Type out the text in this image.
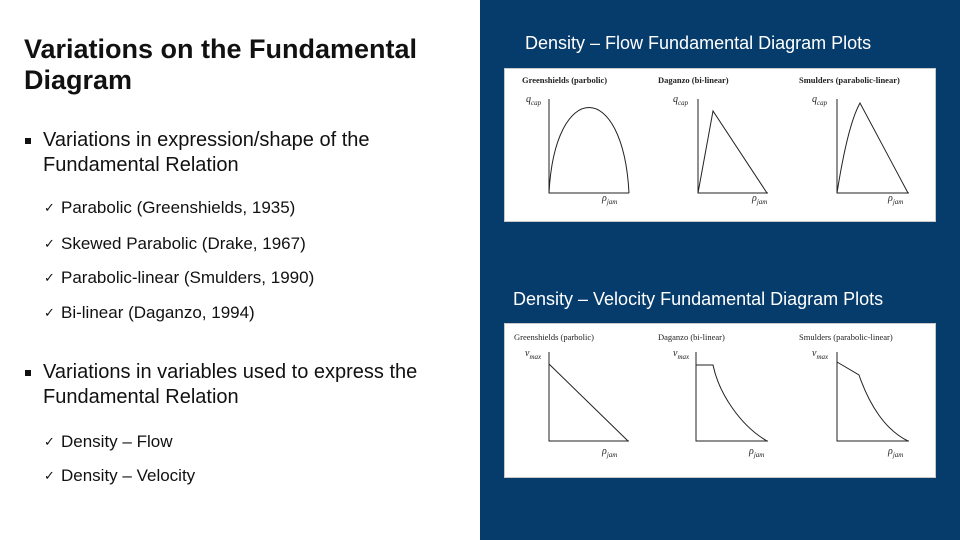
Variations on the Fundamental Diagram
Variations in expression/shape of the Fundamental Relation
✓ Parabolic (Greenshields, 1935)
✓ Skewed Parabolic (Drake, 1967)
✓ Parabolic-linear (Smulders, 1990)
✓ Bi-linear (Daganzo, 1994)
Variations in variables used to express the Fundamental Relation
✓ Density – Flow
✓ Density – Velocity
Density – Flow Fundamental Diagram Plots
Greenshields (parbolic)	Daganzo (bi-linear)	Smulders (parabolic-linear)
$q_{cap}$	$q_{cap}$	$q_{cap}$
$\rho_{jam}$	$\rho_{jam}$	$\rho_{jam}$
Density – Velocity Fundamental Diagram Plots
Greenshields (parbolic)	Daganzo (bi-linear)	Smulders (parabolic-linear)
$v_{max}$	$v_{max}$	$v_{max}$
$\rho_{jam}$	$\rho_{jam}$	$\rho_{jam}$
